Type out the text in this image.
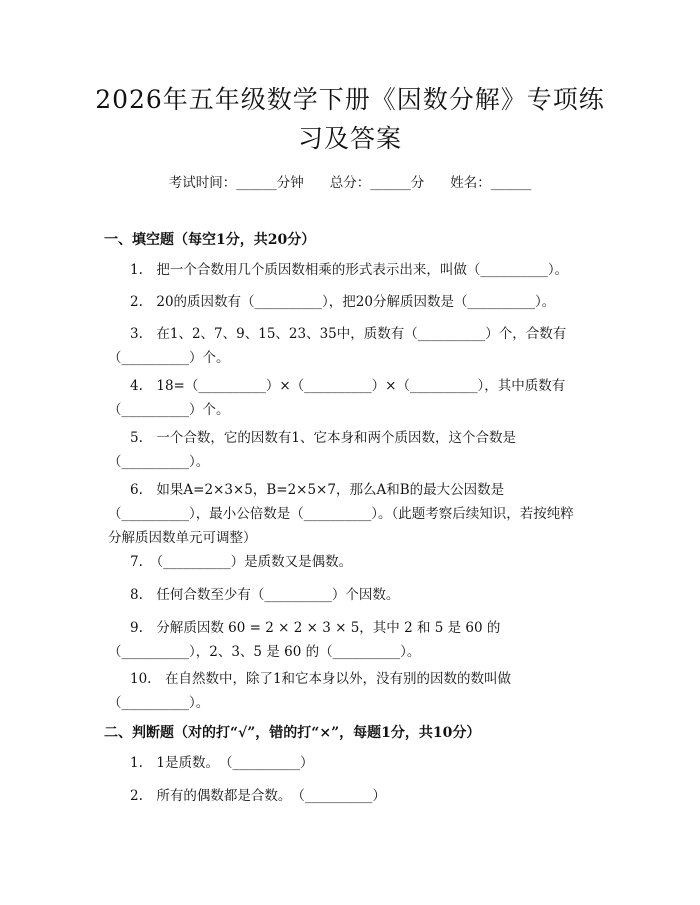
2026年五年级数学下册《因数分解》专项练
习及答案
考试时间：______分钟 总分：______分 姓名：______
一、填空题（每空1分，共20分）
1.　把一个合数用几个质因数相乘的形式表示出来，叫做（__________）。
2.　20的质因数有（__________），把20分解质因数是（__________）。
3.　在1、2、7、9、15、23、35中，质数有（__________）个，合数有
（__________）个。
4.　18=（__________）×（__________）×（__________），其中质数有
（__________）个。
5.　一个合数，它的因数有1、它本身和两个质因数，这个合数是
（__________）。
6.　如果A=2×3×5，B=2×5×7，那么A和B的最大公因数是
（__________），最小公倍数是（__________）。（此题考察后续知识，若按纯粹
分解质因数单元可调整）
7.　（__________）是质数又是偶数。
8.　任何合数至少有（__________）个因数。
9.　分解质因数 60 = 2 × 2 × 3 × 5，其中 2 和 5 是 60 的
（__________），2、3、5 是 60 的（__________）。
10.　在自然数中，除了1和它本身以外，没有别的因数的数叫做
（__________）。
二、判断题（对的打“√”，错的打“×”，每题1分，共10分）
1.　1是质数。　（__________）
2.　所有的偶数都是合数。　（__________）
